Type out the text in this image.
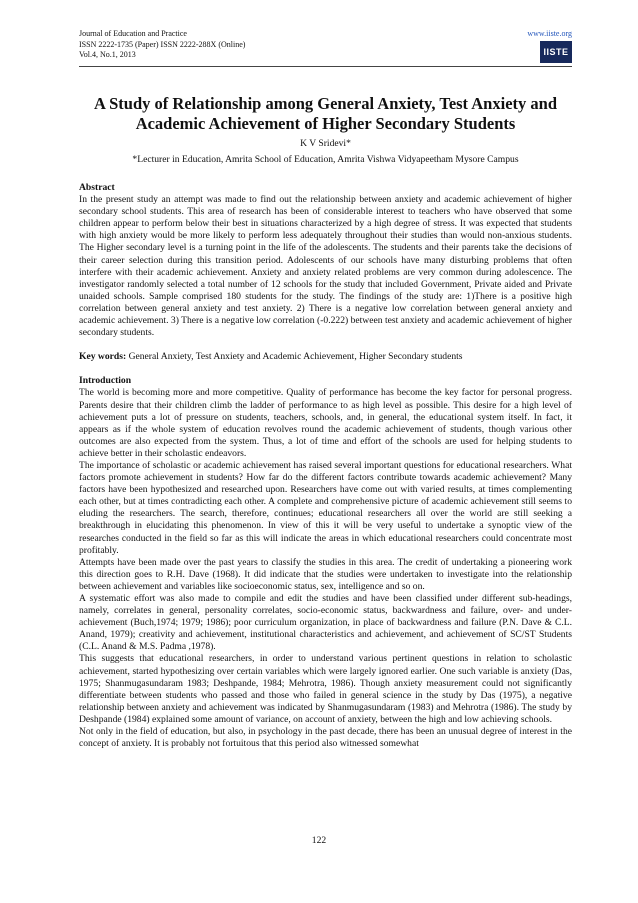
Journal of Education and Practice
ISSN 2222-1735 (Paper) ISSN 2222-288X (Online)
Vol.4, No.1, 2013
www.iiste.org
IISTE
A Study of Relationship among General Anxiety, Test Anxiety and Academic Achievement of Higher Secondary Students
K V Sridevi*
*Lecturer in Education, Amrita School of Education, Amrita Vishwa Vidyapeetham Mysore Campus

Abstract

In the present study an attempt was made to find out the relationship between anxiety and academic achievement of higher secondary school students. This area of research has been of considerable interest to teachers who have observed that some children appear to perform below their best in situations characterized by a high degree of stress. It was expected that students with high anxiety would be more likely to perform less adequately throughout their studies than would non-anxious students. The Higher secondary level is a turning point in the life of the adolescents. The students and their parents take the decisions of their career selection during this transition period. Adolescents of our schools have many disturbing problems that often interfere with their academic achievement. Anxiety and anxiety related problems are very common during adolescence. The investigator randomly selected a total number of 12 schools for the study that included Government, Private aided and Private unaided schools. Sample comprised 180 students for the study. The findings of the study are: 1)There is a positive high correlation between general anxiety and test anxiety. 2) There is a negative low correlation between general anxiety and academic achievement. 3) There is a negative low correlation (-0.222) between test anxiety and academic achievement of higher secondary students.

Key words: General Anxiety, Test Anxiety and Academic Achievement, Higher Secondary students

Introduction

The world is becoming more and more competitive. Quality of performance has become the key factor for personal progress. Parents desire that their children climb the ladder of performance to as high level as possible. This desire for a high level of achievement puts a lot of pressure on students, teachers, schools, and, in general, the educational system itself. In fact, it appears as if the whole system of education revolves round the academic achievement of students, though various other outcomes are also expected from the system. Thus, a lot of time and effort of the schools are used for helping students to achieve better in their scholastic endeavors.

The importance of scholastic or academic achievement has raised several important questions for educational researchers. What factors promote achievement in students? How far do the different factors contribute towards academic achievement? Many factors have been hypothesized and researched upon. Researchers have come out with varied results, at times complementing each other, but at times contradicting each other. A complete and comprehensive picture of academic achievement still seems to eluding the researchers. The search, therefore, continues; educational researchers all over the world are still seeking a breakthrough in elucidating this phenomenon. In view of this it will be very useful to undertake a synoptic view of the researches conducted in the field so far as this will indicate the areas in which educational researchers could concentrate most profitably.

Attempts have been made over the past years to classify the studies in this area. The credit of undertaking a pioneering work this direction goes to R.H. Dave (1968). It did indicate that the studies were undertaken to investigate into the relationship between achievement and variables like socioeconomic status, sex, intelligence and so on.

A systematic effort was also made to compile and edit the studies and have been classified under different sub-headings, namely, correlates in general, personality correlates, socio-economic status, backwardness and failure, over- and under-achievement (Buch,1974; 1979; 1986); poor curriculum organization, in place of backwardness and failure (P.N. Dave & C.L. Anand, 1979); creativity and achievement, institutional characteristics and achievement, and achievement of SC/ST Students (C.L. Anand & M.S. Padma ,1978).

This suggests that educational researchers, in order to understand various pertinent questions in relation to scholastic achievement, started hypothesizing over certain variables which were largely ignored earlier. One such variable is anxiety (Das, 1975; Shanmugasundaram 1983; Deshpande, 1984; Mehrotra, 1986). Though anxiety measurement could not significantly differentiate between students who passed and those who failed in general science in the study by Das (1975), a negative relationship between anxiety and achievement was indicated by Shanmugasundaram (1983) and Mehrotra (1986). The study by Deshpande (1984) explained some amount of variance, on account of anxiety, between the high and low achieving schools.

Not only in the field of education, but also, in psychology in the past decade, there has been an unusual degree of interest in the concept of anxiety. It is probably not fortuitous that this period also witnessed somewhat

122
